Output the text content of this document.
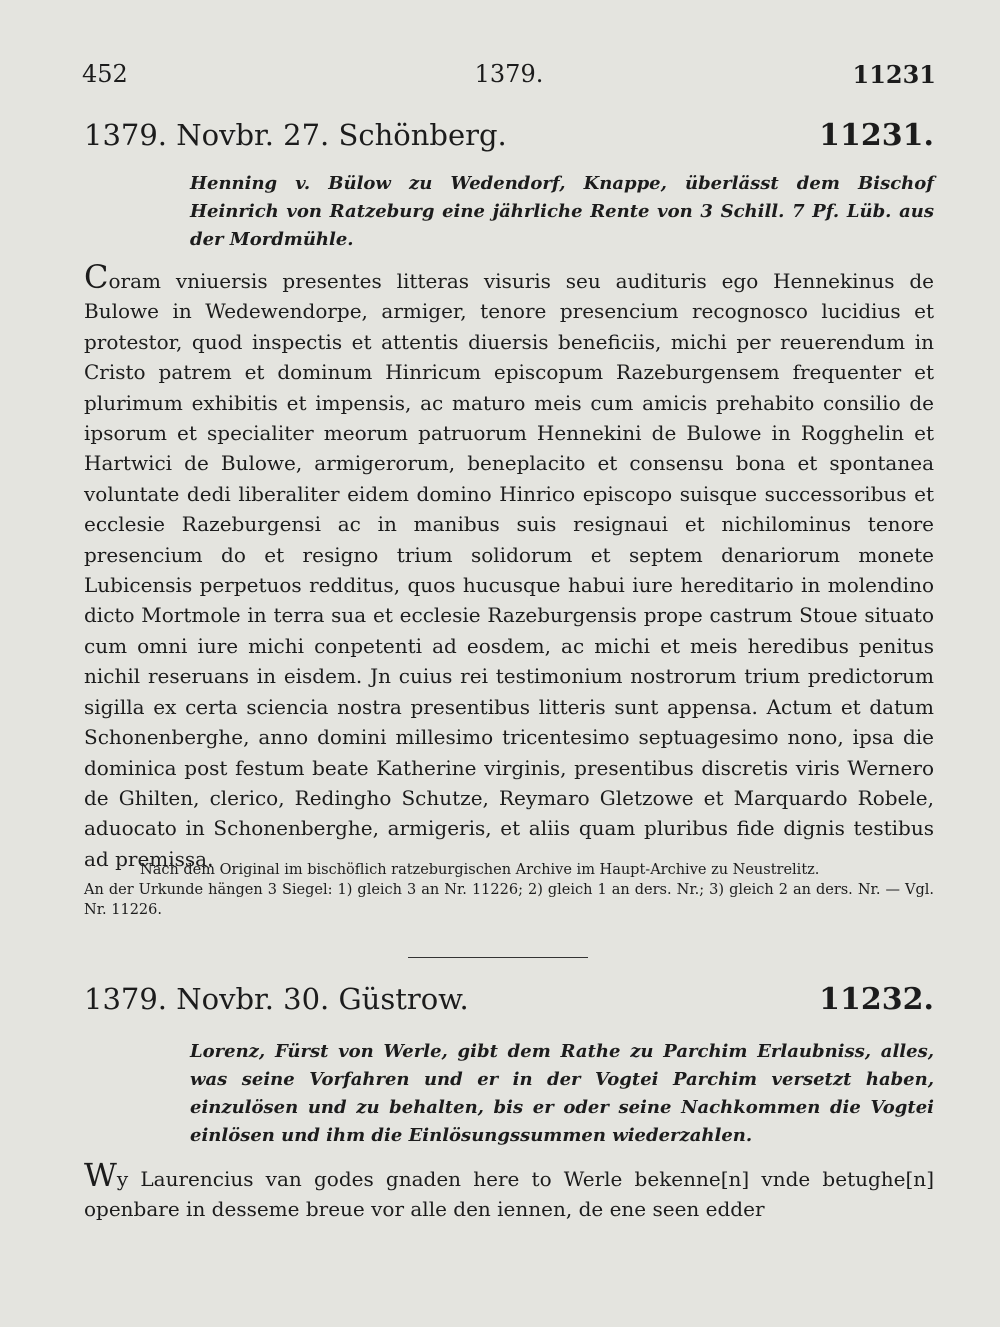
452	1379.	11231
1379. Novbr. 27. Schönberg.	11231.
Henning v. Bülow zu Wedendorf, Knappe, überlässt dem Bischof Heinrich von Ratzeburg eine jährliche Rente von 3 Schill. 7 Pf. Lüb. aus der Mordmühle.
Coram vniuersis presentes litteras visuris seu audituris ego Hennekinus de Bulowe in Wedewendorpe, armiger, tenore presencium recognosco lucidius et protestor, quod inspectis et attentis diuersis beneficiis, michi per reuerendum in Cristo patrem et dominum Hinricum episcopum Razeburgensem frequenter et plurimum exhibitis et impensis, ac maturo meis cum amicis prehabito consilio de ipsorum et specialiter meorum patruorum Hennekini de Bulowe in Rogghelin et Hartwici de Bulowe, armigerorum, beneplacito et consensu bona et spontanea voluntate dedi liberaliter eidem domino Hinrico episcopo suisque successoribus et ecclesie Razeburgensi ac in manibus suis resignaui et nichilominus tenore presencium do et resigno trium solidorum et septem denariorum monete Lubicensis perpetuos redditus, quos hucusque habui iure hereditario in molendino dicto Mortmole in terra sua et ecclesie Razeburgensis prope castrum Stoue situato cum omni iure michi conpetenti ad eosdem, ac michi et meis heredibus penitus nichil reseruans in eisdem. Jn cuius rei testimonium nostrorum trium predictorum sigilla ex certa sciencia nostra presentibus litteris sunt appensa. Actum et datum Schonenberghe, anno domini millesimo tricentesimo septuagesimo nono, ipsa die dominica post festum beate Katherine virginis, presentibus discretis viris Wernero de Ghilten, clerico, Redingho Schutze, Reymaro Gletzowe et Marquardo Robele, aduocato in Schonenberghe, armigeris, et aliis quam pluribus fide dignis testibus ad premissa.
Nach dem Original im bischöflich ratzeburgischen Archive im Haupt-Archive zu Neustrelitz.
An der Urkunde hängen 3 Siegel: 1) gleich 3 an Nr. 11226; 2) gleich 1 an ders. Nr.; 3) gleich 2 an ders. Nr. — Vgl. Nr. 11226.
1379. Novbr. 30. Güstrow.	11232.
Lorenz, Fürst von Werle, gibt dem Rathe zu Parchim Erlaubniss, alles, was seine Vorfahren und er in der Vogtei Parchim versetzt haben, einzulösen und zu behalten, bis er oder seine Nachkommen die Vogtei einlösen und ihm die Einlösungssummen wiederzahlen.
Wy Laurencius van godes gnaden here to Werle bekenne[n] vnde betughe[n] openbare in desseme breue vor alle den iennen, de ene seen edder
